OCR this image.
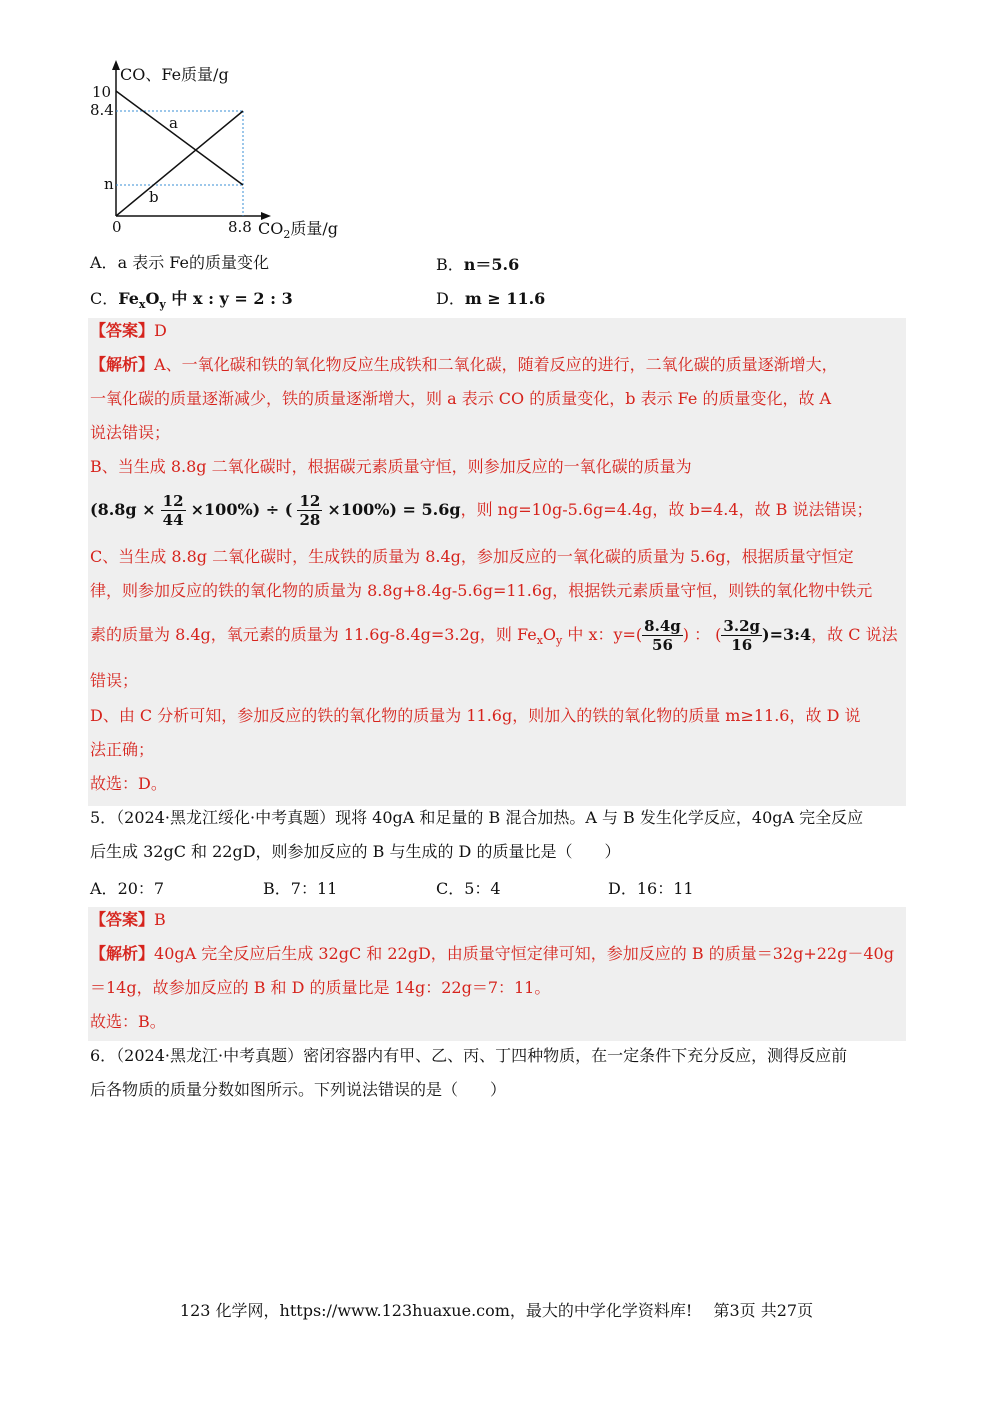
CO、Fe质量/g
10
8.4
n
0	8.8 $CO_2$质量/g
a
b
A．a 表示 Fe的质量变化	B．n＝5.6
C．$Fe_xO_y$ 中 x : y = 2 : 3	D．m ≥ 11.6
【答案】D
【解析】A、一氧化碳和铁的氧化物反应生成铁和二氧化碳，随着反应的进行，二氧化碳的质量逐渐增大，
一氧化碳的质量逐渐减少，铁的质量逐渐增大，则 a 表示 CO 的质量变化，b 表示 Fe 的质量变化，故 A
说法错误；
B、当生成 8.8g 二氧化碳时，根据碳元素质量守恒，则参加反应的一氧化碳的质量为
$(8.8g \times \frac{12}{44} \times 100\%)$ ÷ ( $\frac{12}{28} \times 100\%) = 5.6g$，则 ng=10g-5.6g=4.4g，故 b=4.4，故 B 说法错误；
C、当生成 8.8g 二氧化碳时，生成铁的质量为 8.4g，参加反应的一氧化碳的质量为 5.6g，根据质量守恒定
律，则参加反应的铁的氧化物的质量为 8.8g+8.4g-5.6g=11.6g，根据铁元素质量守恒，则铁的氧化物中铁元
素的质量为 8.4g，氧元素的质量为 11.6g-8.4g=3.2g，则 $Fe_xO_y$ 中 x：$y=( \frac{8.4g}{56}$ ) ： ( $\frac{3.2g}{16}$ )=3:4，故 C 说法
错误；
D、由 C 分析可知，参加反应的铁的氧化物的质量为 11.6g，则加入的铁的氧化物的质量 m≥11.6，故 D 说
法正确；
故选：D。
5．（2024·黑龙江绥化·中考真题）现将 40gA 和足量的 B 混合加热。A 与 B 发生化学反应，40gA 完全反应
后生成 32gC 和 22gD，则参加反应的 B 与生成的 D 的质量比是（　　）
A．20：7	B．7：11	C．5：4	D．16：11
【答案】B
【解析】40gA 完全反应后生成 32gC 和 22gD，由质量守恒定律可知，参加反应的 B 的质量＝32g+22g－40g
＝14g，故参加反应的 B 和 D 的质量比是 14g：22g＝7：11。
故选：B。
6．（2024·黑龙江·中考真题）密闭容器内有甲、乙、丙、丁四种物质，在一定条件下充分反应，测得反应前
后各物质的质量分数如图所示。下列说法错误的是（　　）
123 化学网，https://www.123huaxue.com，最大的中学化学资料库!　 第3页 共27页
